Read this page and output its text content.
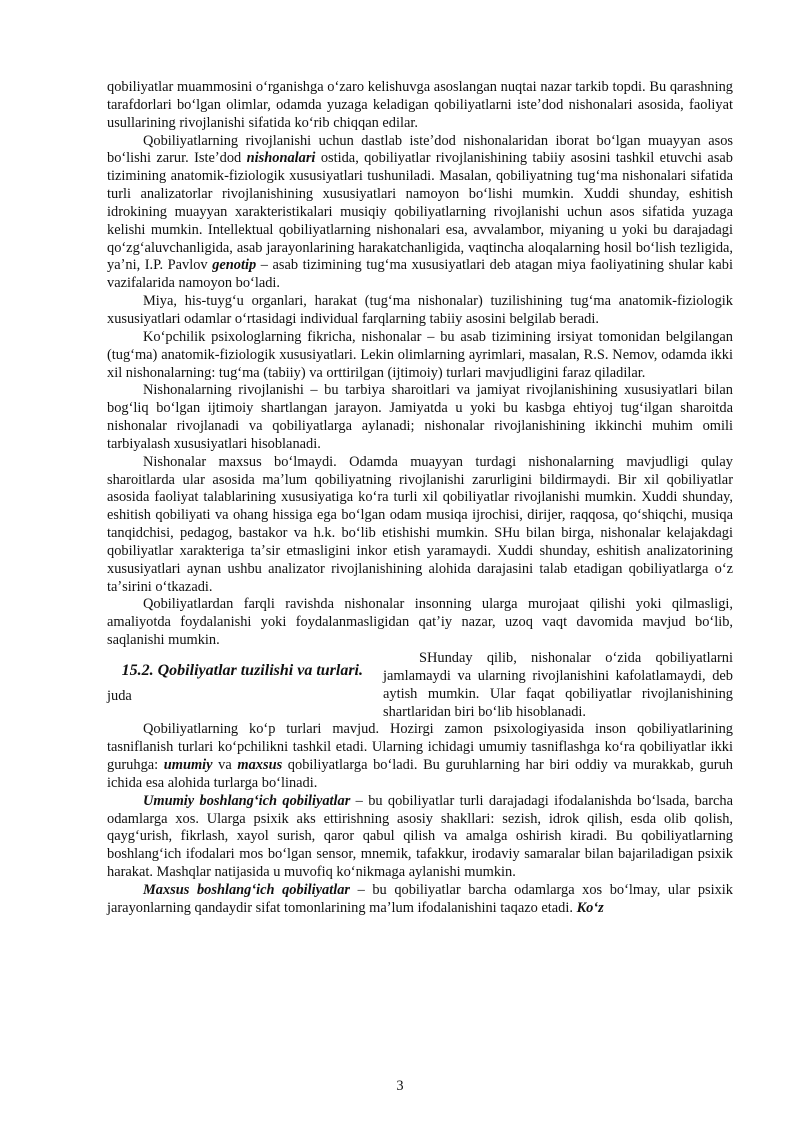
qobiliyatlar muammosini oʻrganishga oʻzaro kelishuvga asoslangan nuqtai nazar tarkib topdi. Bu qarashning tarafdorlari boʻlgan olimlar, odamda yuzaga keladigan qobiliyatlarni isteʼdod nishonalari asosida, faoliyat usullarining rivojlanishi sifatida koʻrib chiqqan edilar.

Qobiliyatlarning rivojlanishi uchun dastlab isteʼdod nishonalaridan iborat boʻlgan muayyan asos boʻlishi zarur. Isteʼdod nishonalari ostida, qobiliyatlar rivojlanishining tabiiy asosini tashkil etuvchi asab tizimining anatomik-fiziologik xususiyatlari tushuniladi. Masalan, qobiliyatning tugʻma nishonalari sifatida turli analizatorlar rivojlanishining xususiyatlari namoyon boʻlishi mumkin. Xuddi shunday, eshitish idrokining muayyan xarakteristikalari musiqiy qobiliyatlarning rivojlanishi uchun asos sifatida yuzaga kelishi mumkin. Intellektual qobiliyatlarning nishonalari esa, avvalambor, miyaning u yoki bu darajadagi qoʻzgʻaluvchanligida, asab jarayonlarining harakatchanligida, vaqtincha aloqalarning hosil boʻlish tezligida, yaʼni, I.P. Pavlov genotip – asab tizimining tugʻma xususiyatlari deb atagan miya faoliyatining shular kabi vazifalarida namoyon boʻladi.

Miya, his-tuygʻu organlari, harakat (tugʻma nishonalar) tuzilishining tugʻma anatomik-fiziologik xususiyatlari odamlar oʻrtasidagi individual farqlarning tabiiy asosini belgilab beradi.

Koʻpchilik psixologlarning fikricha, nishonalar – bu asab tizimining irsiyat tomonidan belgilangan (tugʻma) anatomik-fiziologik xususiyatlari. Lekin olimlarning ayrimlari, masalan, R.S. Nemov, odamda ikki xil nishonalarning: tugʻma (tabiiy) va orttirilgan (ijtimoiy) turlari mavjudligini faraz qiladilar.

Nishonalarning rivojlanishi – bu tarbiya sharoitlari va jamiyat rivojlanishining xususiyatlari bilan bogʻliq boʻlgan ijtimoiy shartlangan jarayon. Jamiyatda u yoki bu kasbga ehtiyoj tugʻilgan sharoitda nishonalar rivojlanadi va qobiliyatlarga aylanadi; nishonalar rivojlanishining ikkinchi muhim omili tarbiyalash xususiyatlari hisoblanadi.

Nishonalar maxsus boʻlmaydi. Odamda muayyan turdagi nishonalarning mavjudligi qulay sharoitlarda ular asosida maʼlum qobiliyatning rivojlanishi zarurligini bildirmaydi. Bir xil qobiliyatlar asosida faoliyat talablarining xususiyatiga koʻra turli xil qobiliyatlar rivojlanishi mumkin. Xuddi shunday, eshitish qobiliyati va ohang hissiga ega boʻlgan odam musiqa ijrochisi, dirijer, raqqosa, qoʻshiqchi, musiqa tanqidchisi, pedagog, bastakor va h.k. boʻlib etishishi mumkin. SHu bilan birga, nishonalar kelajakdagi qobiliyatlar xarakteriga taʼsir etmasligini inkor etish yaramaydi. Xuddi shunday, eshitish analizatorining xususiyatlari aynan ushbu analizator rivojlanishining alohida darajasini talab etadigan qobiliyatlarga oʻz taʼsirini oʻtkazadi.

Qobiliyatlardan farqli ravishda nishonalar insonning ularga murojaat qilishi yoki qilmasligi, amaliyotda foydalanishi yoki foydalanmasligidan qatʼiy nazar, uzoq vaqt davomida mavjud boʻlib, saqlanishi mumkin.

15.2. Qobiliyatlar tuzilishi va turlari.
juda

SHunday qilib, nishonalar oʻzida qobiliyatlarni jamlamaydi va ularning rivojlanishini kafolatlamaydi, deb aytish mumkin. Ular faqat qobiliyatlar rivojlanishining shartlaridan biri boʻlib hisoblanadi.

Qobiliyatlarning koʻp turlari mavjud. Hozirgi zamon psixologiyasida inson qobiliyatlarining tasniflanish turlari koʻpchilikni tashkil etadi. Ularning ichidagi umumiy tasniflashga koʻra qobiliyatlar ikki guruhga: umumiy va maxsus qobiliyatlarga boʻladi. Bu guruhlarning har biri oddiy va murakkab, guruh ichida esa alohida turlarga boʻlinadi.

Umumiy boshlangʻich qobiliyatlar – bu qobiliyatlar turli darajadagi ifodalanishda boʻlsada, barcha odamlarga xos. Ularga psixik aks ettirishning asosiy shakllari: sezish, idrok qilish, esda olib qolish, qaygʻurish, fikrlash, xayol surish, qaror qabul qilish va amalga oshirish kiradi. Bu qobiliyatlarning boshlangʻich ifodalari mos boʻlgan sensor, mnemik, tafakkur, irodaviy samaralar bilan bajariladigan psixik harakat. Mashqlar natijasida u muvofiq koʻnikmaga aylanishi mumkin.

Maxsus boshlangʻich qobiliyatlar – bu qobiliyatlar barcha odamlarga xos boʻlmay, ular psixik jarayonlarning qandaydir sifat tomonlarining maʼlum ifodalanishini taqazo etadi. Koʻz

3
